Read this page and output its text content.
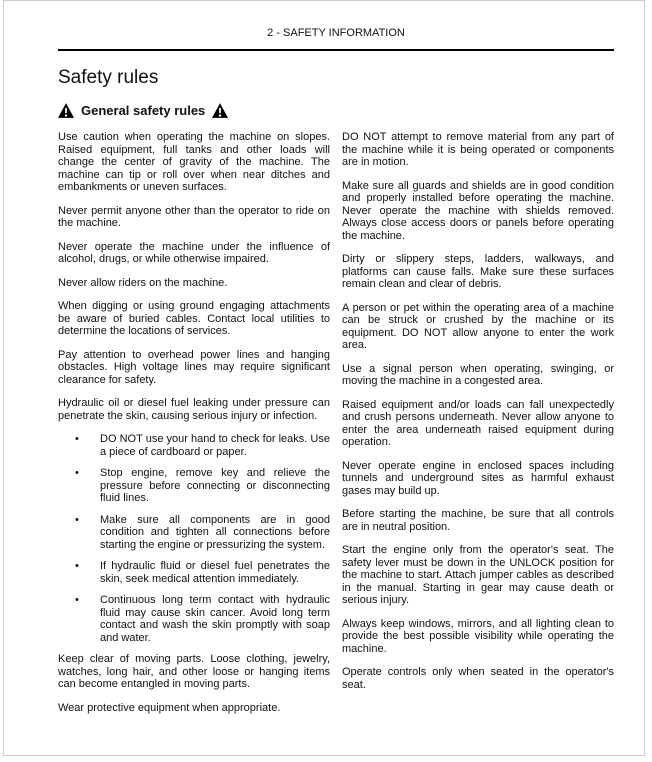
2 - SAFETY INFORMATION
Safety rules
General safety rules

Use caution when operating the machine on slopes. Raised equipment, full tanks and other loads will change the center of gravity of the machine. The machine can tip or roll over when near ditches and embankments or uneven surfaces.

Never permit anyone other than the operator to ride on the machine.

Never operate the machine under the influence of alcohol, drugs, or while otherwise impaired.

Never allow riders on the machine.

When digging or using ground engaging attachments be aware of buried cables. Contact local utilities to determine the locations of services.

Pay attention to overhead power lines and hanging obstacles. High voltage lines may require significant clearance for safety.

Hydraulic oil or diesel fuel leaking under pressure can penetrate the skin, causing serious injury or infection.

• DO NOT use your hand to check for leaks. Use a piece of cardboard or paper.
• Stop engine, remove key and relieve the pressure before connecting or disconnecting fluid lines.
• Make sure all components are in good condition and tighten all connections before starting the engine or pressurizing the system.
• If hydraulic fluid or diesel fuel penetrates the skin, seek medical attention immediately.
• Continuous long term contact with hydraulic fluid may cause skin cancer. Avoid long term contact and wash the skin promptly with soap and water.

Keep clear of moving parts. Loose clothing, jewelry, watches, long hair, and other loose or hanging items can become entangled in moving parts.

Wear protective equipment when appropriate.

DO NOT attempt to remove material from any part of the machine while it is being operated or components are in motion.

Make sure all guards and shields are in good condition and properly installed before operating the machine. Never operate the machine with shields removed. Always close access doors or panels before operating the machine.

Dirty or slippery steps, ladders, walkways, and platforms can cause falls. Make sure these surfaces remain clean and clear of debris.

A person or pet within the operating area of a machine can be struck or crushed by the machine or its equipment. DO NOT allow anyone to enter the work area.

Use a signal person when operating, swinging, or moving the machine in a congested area.

Raised equipment and/or loads can fall unexpectedly and crush persons underneath. Never allow anyone to enter the area underneath raised equipment during operation.

Never operate engine in enclosed spaces including tunnels and underground sites as harmful exhaust gases may build up.

Before starting the machine, be sure that all controls are in neutral position.

Start the engine only from the operator's seat. The safety lever must be down in the UNLOCK position for the machine to start. Attach jumper cables as described in the manual. Starting in gear may cause death or serious injury.

Always keep windows, mirrors, and all lighting clean to provide the best possible visibility while operating the machine.

Operate controls only when seated in the operator's seat.
